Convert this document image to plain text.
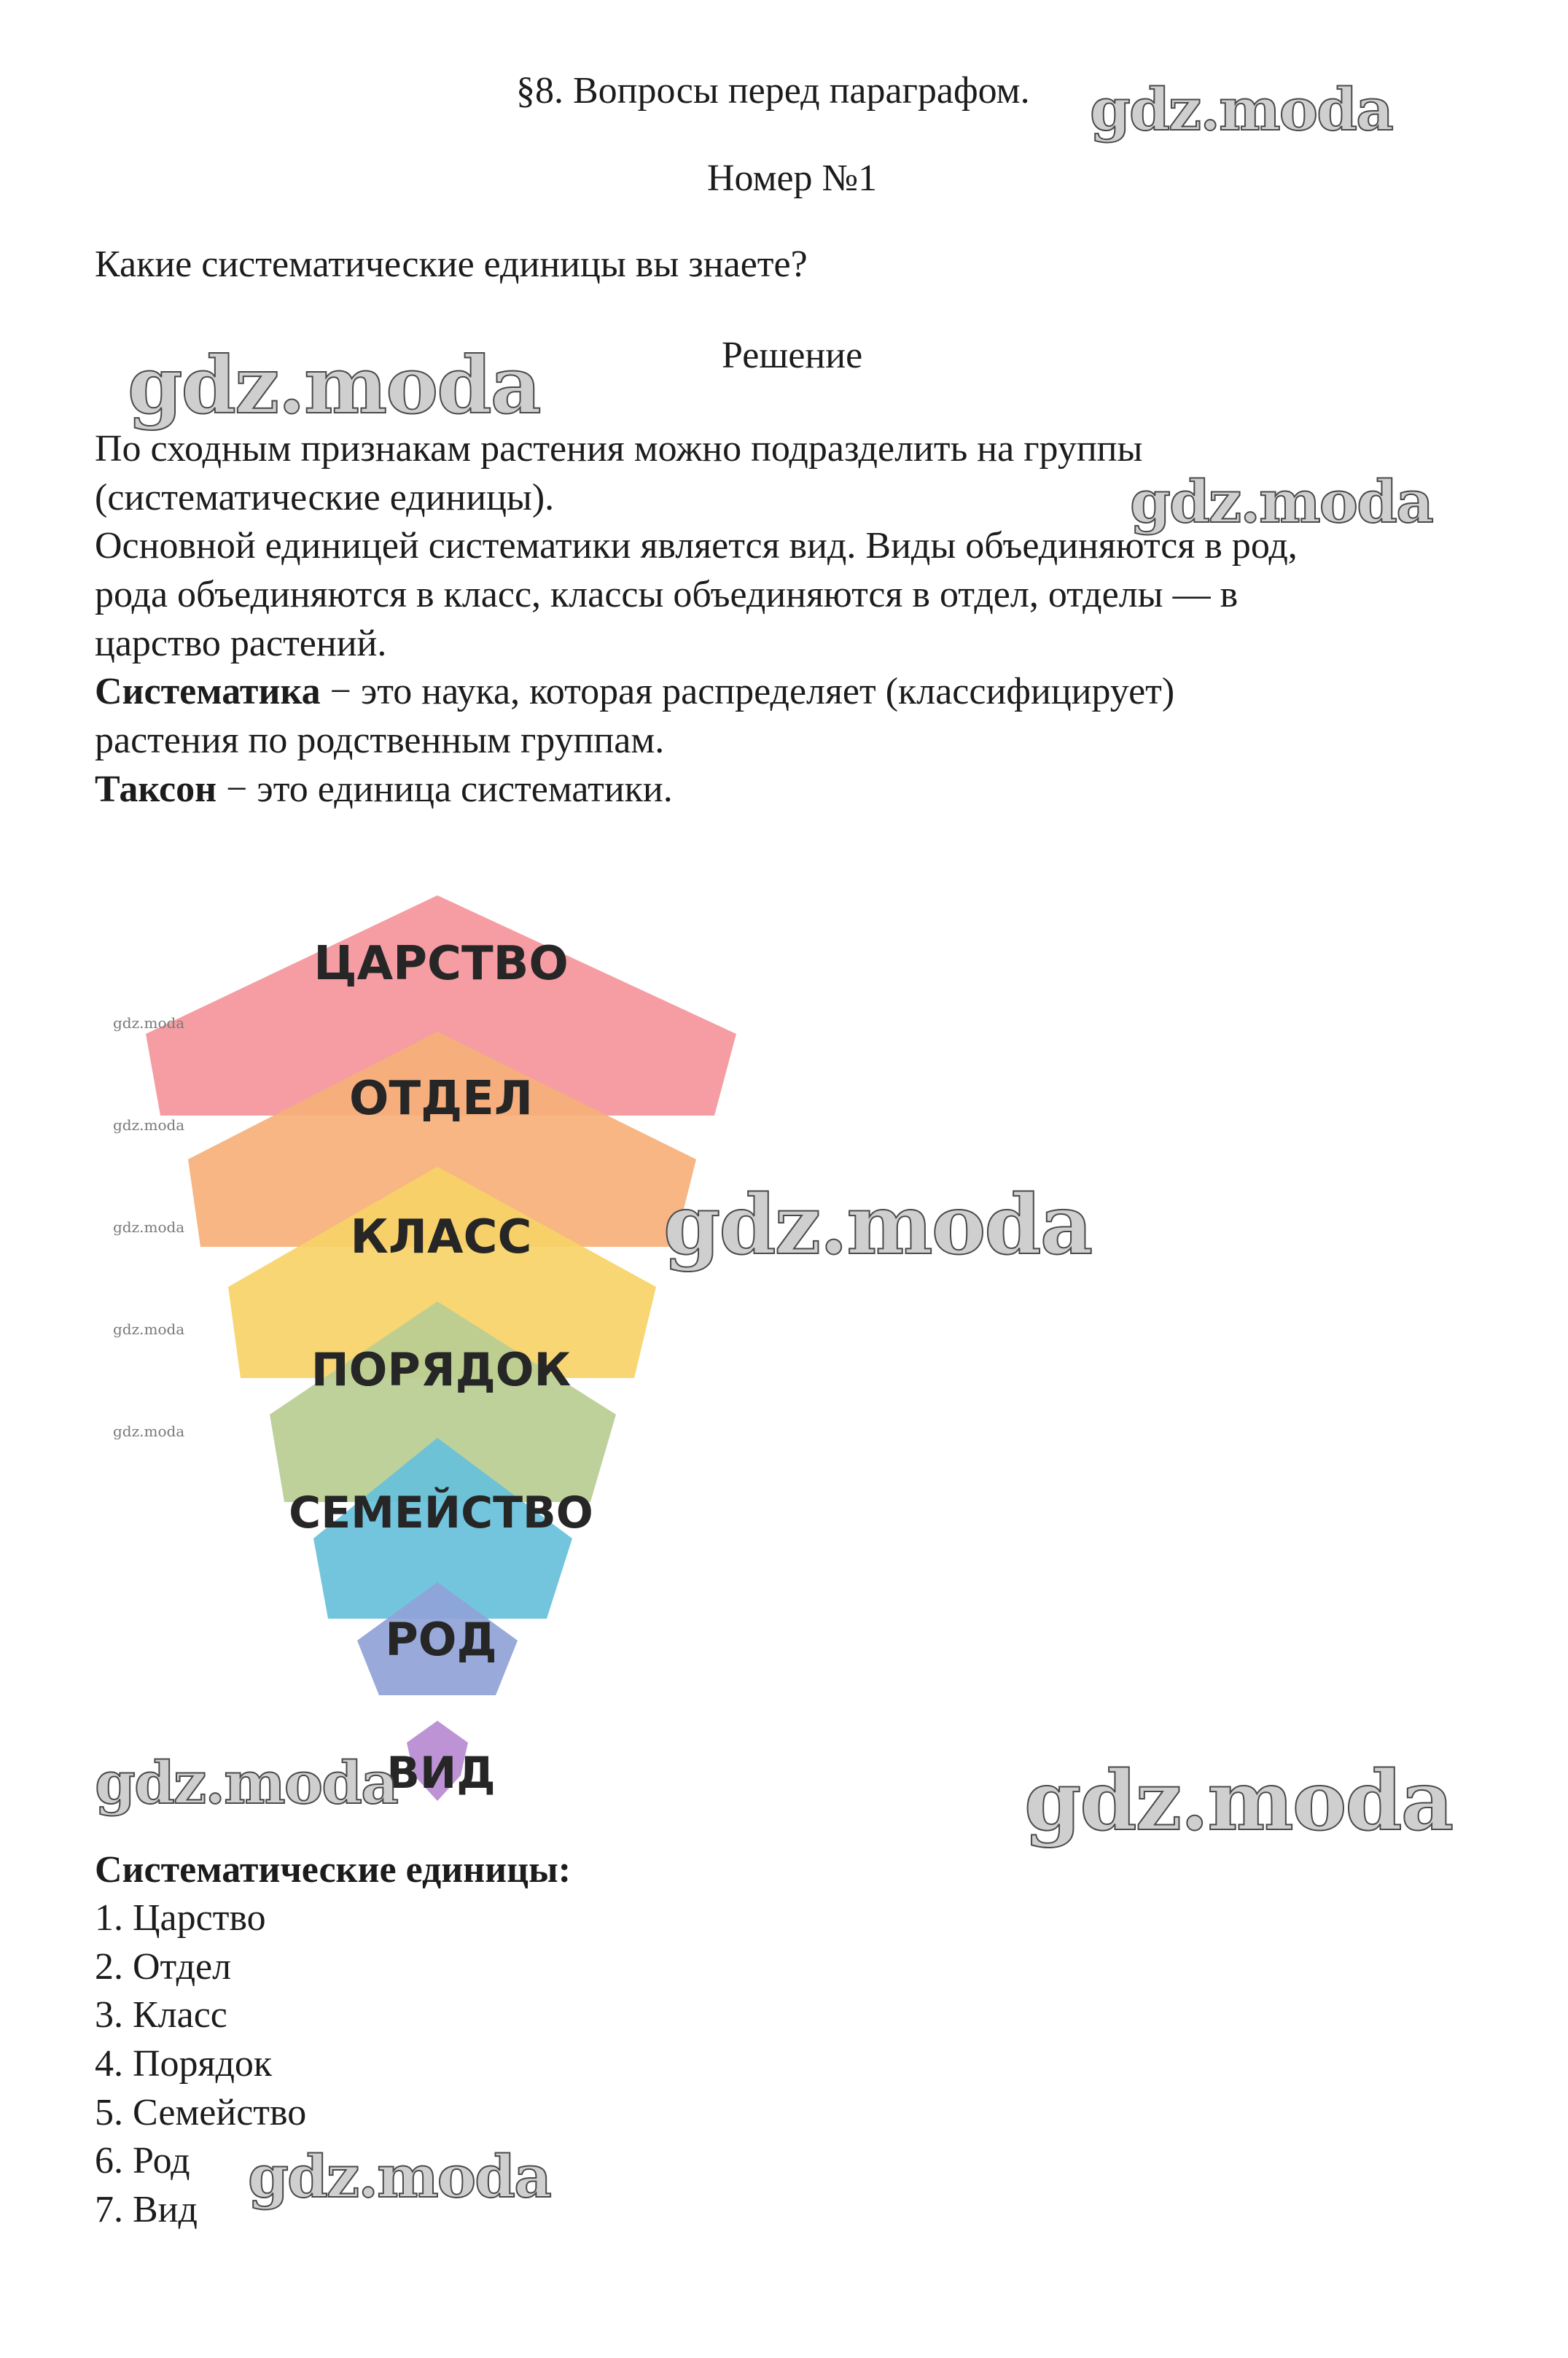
§8. Вопросы перед параграфом.
Номер №1
Какие систематические единицы вы знаете?
Решение
По сходным признакам растения можно подразделить на группы
(систематические единицы).
Основной единицей систематики является вид. Виды объединяются в род,
рода объединяются в класс, классы объединяются в отдел, отделы — в
царство растений.
Систематика − это наука, которая распределяет (классифицирует)
растения по родственным группам.
Таксон − это единица систематики.
ЦАРСТВО
ОТДЕЛ
КЛАСС
ПОРЯДОК
СЕМЕЙСТВО
РОД
ВИД
Систематические единицы:
1. Царство
2. Отдел
3. Класс
4. Порядок
5. Семейство
6. Род
7. Вид
gdz.moda
gdz.moda
gdz.moda
gdz.moda
gdz.moda	gdz.moda
gdz.moda
gdz.moda
gdz.moda
gdz.moda
gdz.moda
gdz.moda
